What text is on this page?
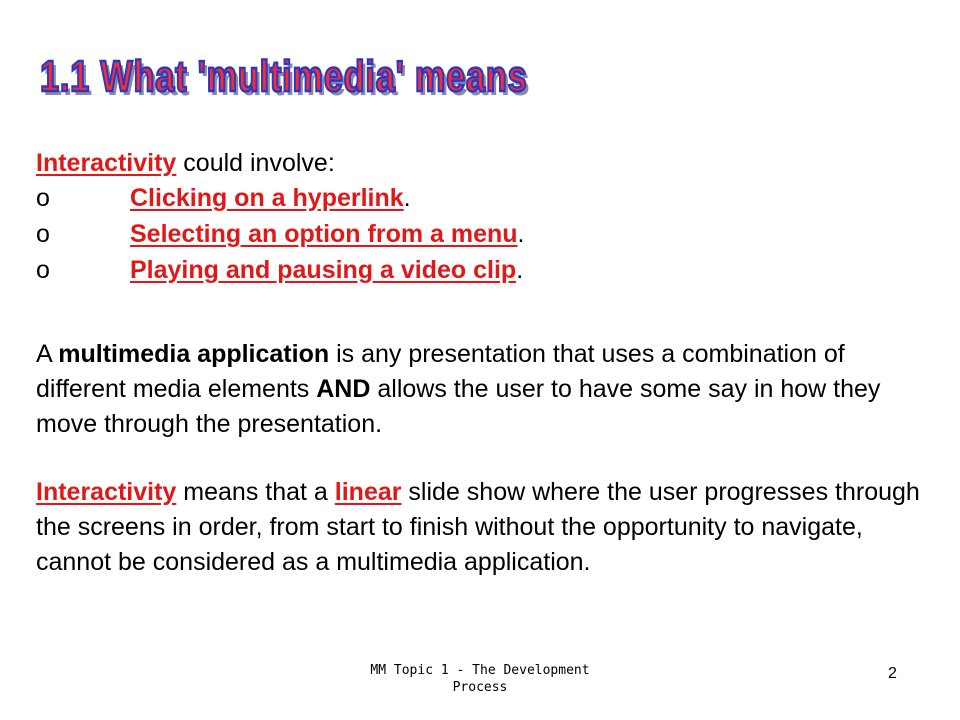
1.1 What 'multimedia' means
Interactivity could involve:
o	Clicking on a hyperlink.
o	Selecting an option from a menu.
o	Playing and pausing a video clip.
A multimedia application is any presentation that uses a combination of different media elements AND allows the user to have some say in how they move through the presentation.
Interactivity means that a linear slide show where the user progresses through the screens in order, from start to finish without the opportunity to navigate, cannot be considered as a multimedia application.
MM Topic 1 - The Development Process
2
